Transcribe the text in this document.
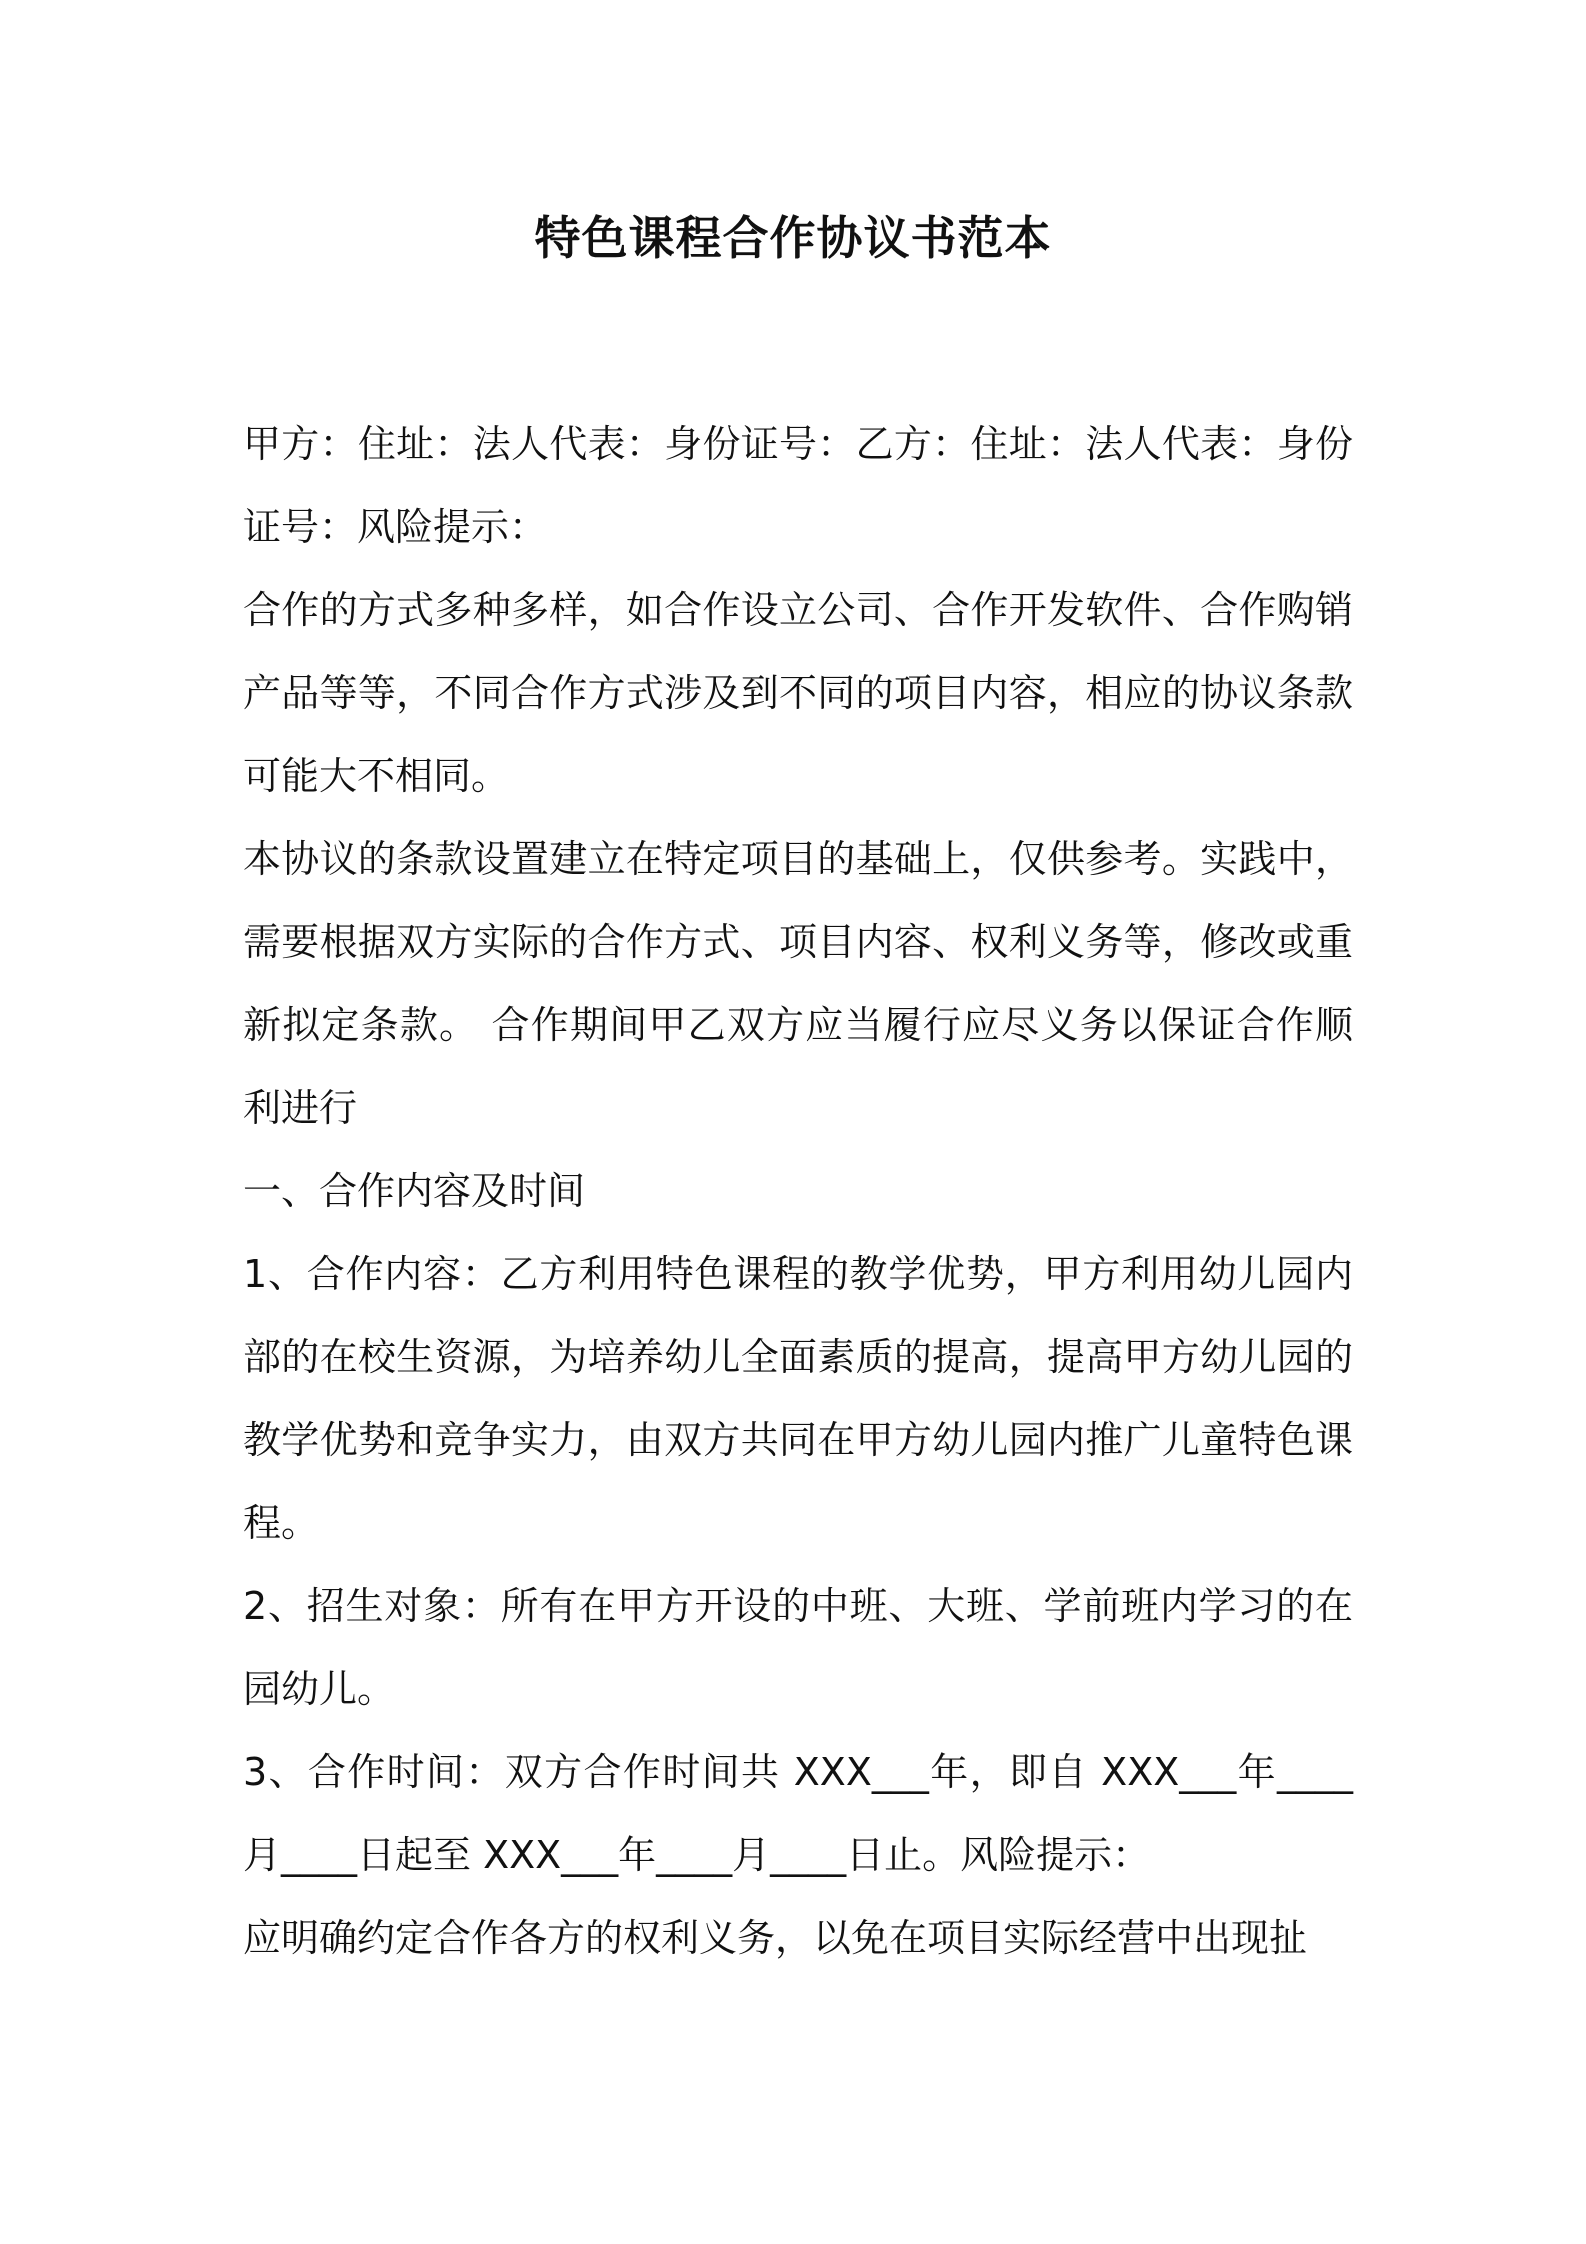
特色课程合作协议书范本

甲方：住址：法人代表：身份证号：乙方：住址：法人代表：身份证号：风险提示：

合作的方式多种多样，如合作设立公司、合作开发软件、合作购销产品等等，不同合作方式涉及到不同的项目内容，相应的协议条款可能大不相同。

本协议的条款设置建立在特定项目的基础上，仅供参考。实践中，需要根据双方实际的合作方式、项目内容、权利义务等，修改或重新拟定条款。 合作期间甲乙双方应当履行应尽义务以保证合作顺利进行

一、合作内容及时间

1、合作内容：乙方利用特色课程的教学优势，甲方利用幼儿园内部的在校生资源，为培养幼儿全面素质的提高，提高甲方幼儿园的教学优势和竞争实力，由双方共同在甲方幼儿园内推广儿童特色课程。

2、招生对象：所有在甲方开设的中班、大班、学前班内学习的在园幼儿。

3、合作时间：双方合作时间共 XXX___年，即自 XXX___年____月____日起至 XXX___年____月____日止。风险提示：

应明确约定合作各方的权利义务，以免在项目实际经营中出现扯
